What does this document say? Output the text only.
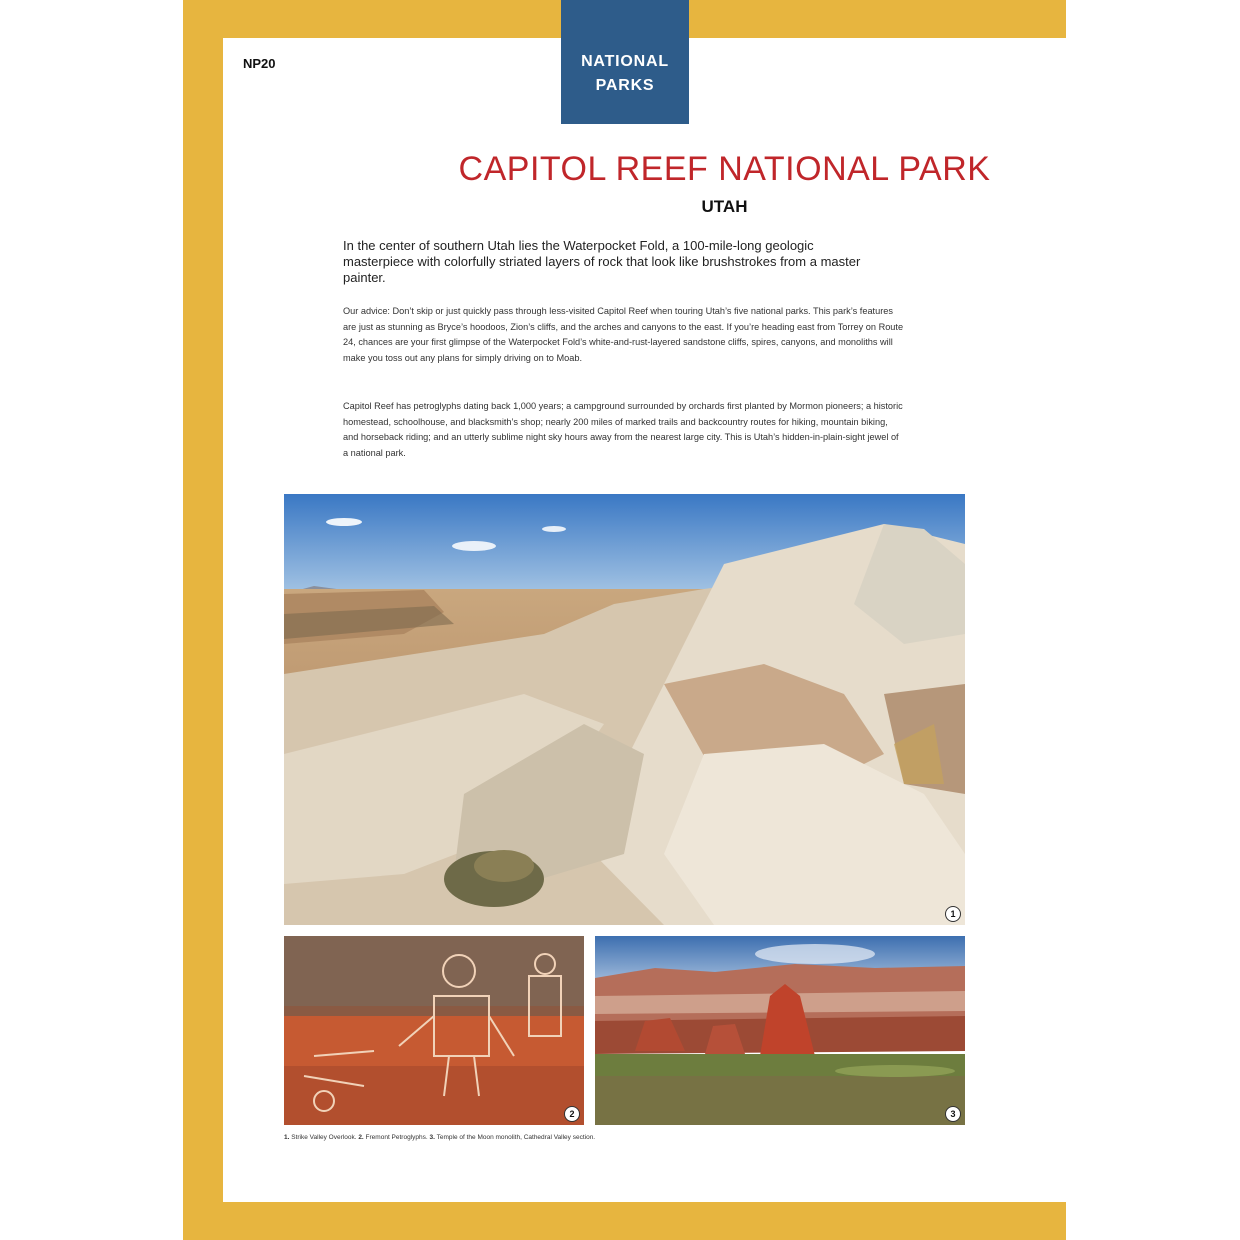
NP20	NATIONAL
PARKS
CAPITOL REEF NATIONAL PARK
UTAH
In the center of southern Utah lies the Waterpocket Fold, a 100-mile-long geologic masterpiece with colorfully striated layers of rock that look like brushstrokes from a master painter.
Our advice: Don’t skip or just quickly pass through less-visited Capitol Reef when touring Utah’s five national parks. This park’s features are just as stunning as Bryce’s hoodoos, Zion’s cliffs, and the arches and canyons to the east. If you’re heading east from Torrey on Route 24, chances are your first glimpse of the Waterpocket Fold’s white-and-rust-layered sandstone cliffs, spires, canyons, and monoliths will make you toss out any plans for simply driving on to Moab.
Capitol Reef has petroglyphs dating back 1,000 years; a campground surrounded by orchards first planted by Mormon pioneers; a historic homestead, schoolhouse, and blacksmith’s shop; nearly 200 miles of marked trails and backcountry routes for hiking, mountain biking, and horseback riding; and an utterly sublime night sky hours away from the nearest large city. This is Utah’s hidden-in-plain-sight jewel of a national park.
1
2	3
1. Strike Valley Overlook. 2. Fremont Petroglyphs. 3. Temple of the Moon monolith, Cathedral Valley section.
